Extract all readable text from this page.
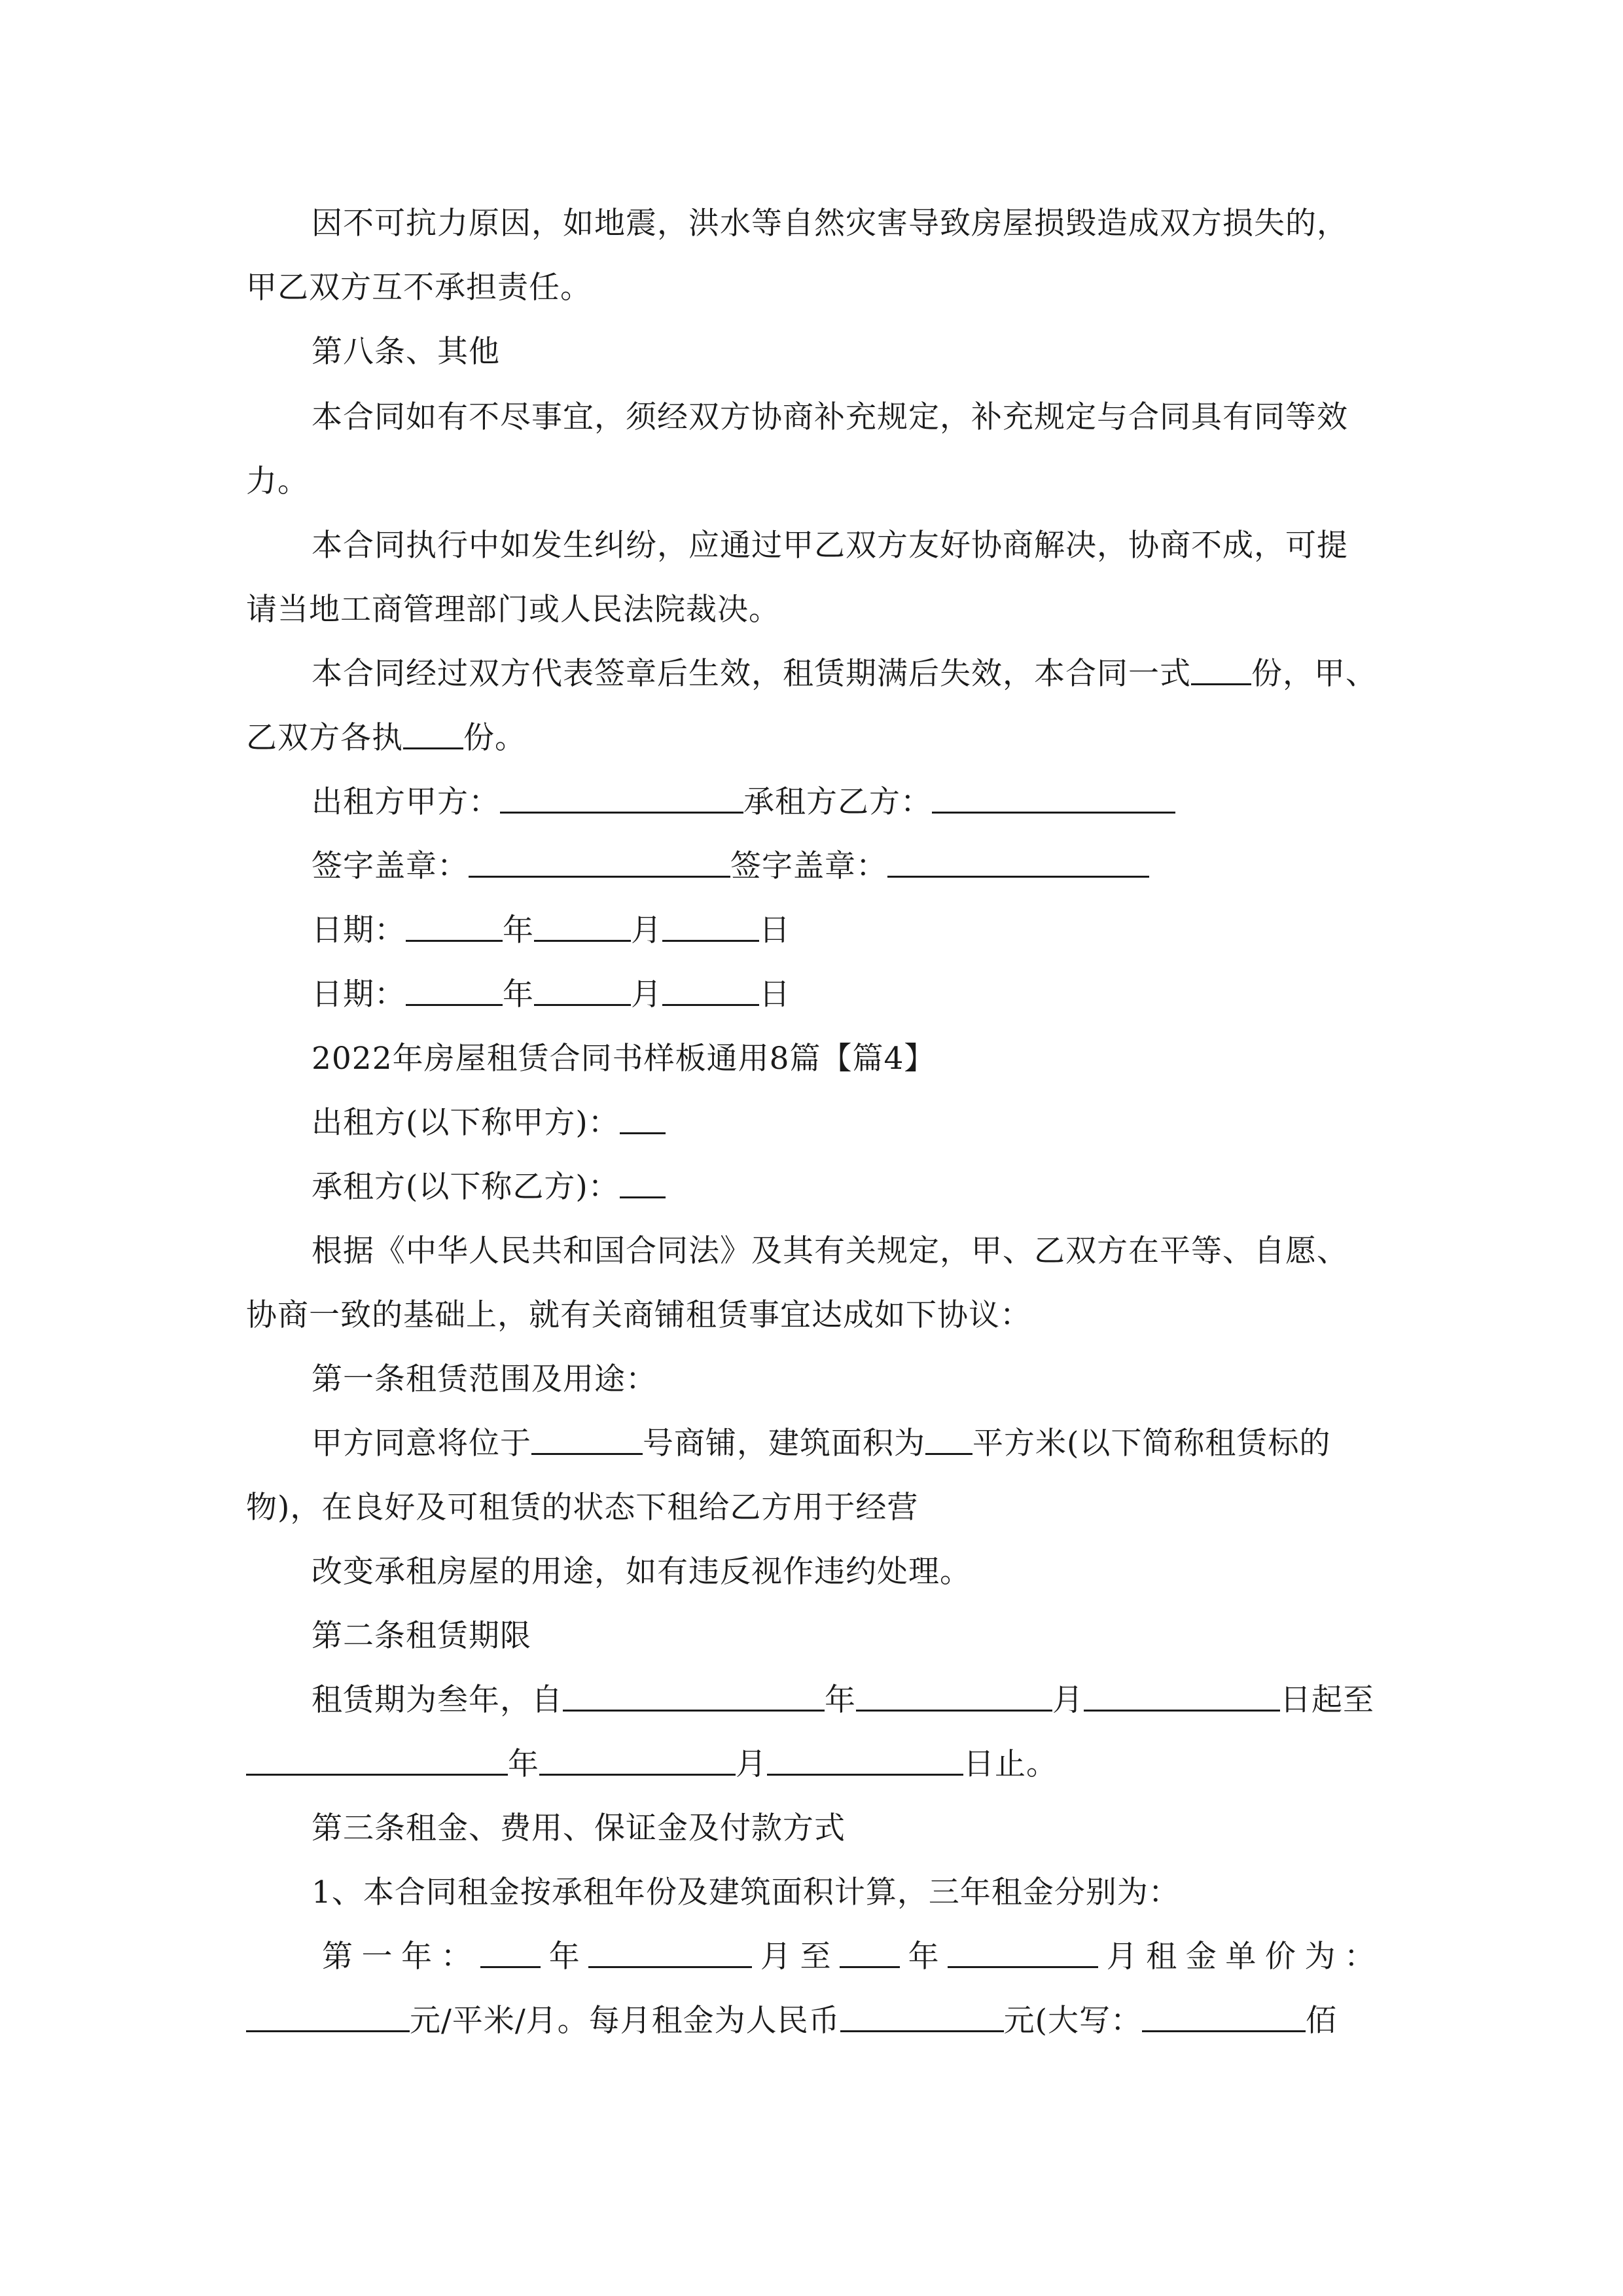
因不可抗力原因，如地震，洪水等自然灾害导致房屋损毁造成双方损失的，
甲乙双方互不承担责任。
第八条、其他
本合同如有不尽事宜，须经双方协商补充规定，补充规定与合同具有同等效
力。
本合同执行中如发生纠纷，应通过甲乙双方友好协商解决，协商不成，可提
请当地工商管理部门或人民法院裁决。
本合同经过双方代表签章后生效，租赁期满后失效，本合同一式 份，甲、
乙双方各执 份。
出租方甲方：	承租方乙方：
签字盖章：	签字盖章：
日期：	年	月	日
日期：	年	月	日
2022年房屋租赁合同书样板通用8篇【篇4】
出租方(以下称甲方)：
承租方(以下称乙方)：
根据《中华人民共和国合同法》及其有关规定，甲、乙双方在平等、自愿、
协商一致的基础上，就有关商铺租赁事宜达成如下协议：
第一条租赁范围及用途：
甲方同意将位于	号商铺，建筑面积为 平方米(以下简称租赁标的
物)，在良好及可租赁的状态下租给乙方用于经营
改变承租房屋的用途，如有违反视作违约处理。
第二条租赁期限
租赁期为叁年，自	年	月	日起至
年	月	日止。
第三条租金、费用、保证金及付款方式
1、本合同租金按承租年份及建筑面积计算，三年租金分别为：
第一年： 年	月至 年	月租金单价为：
元/平米/月。每月租金为人民币	元(大写：	佰
